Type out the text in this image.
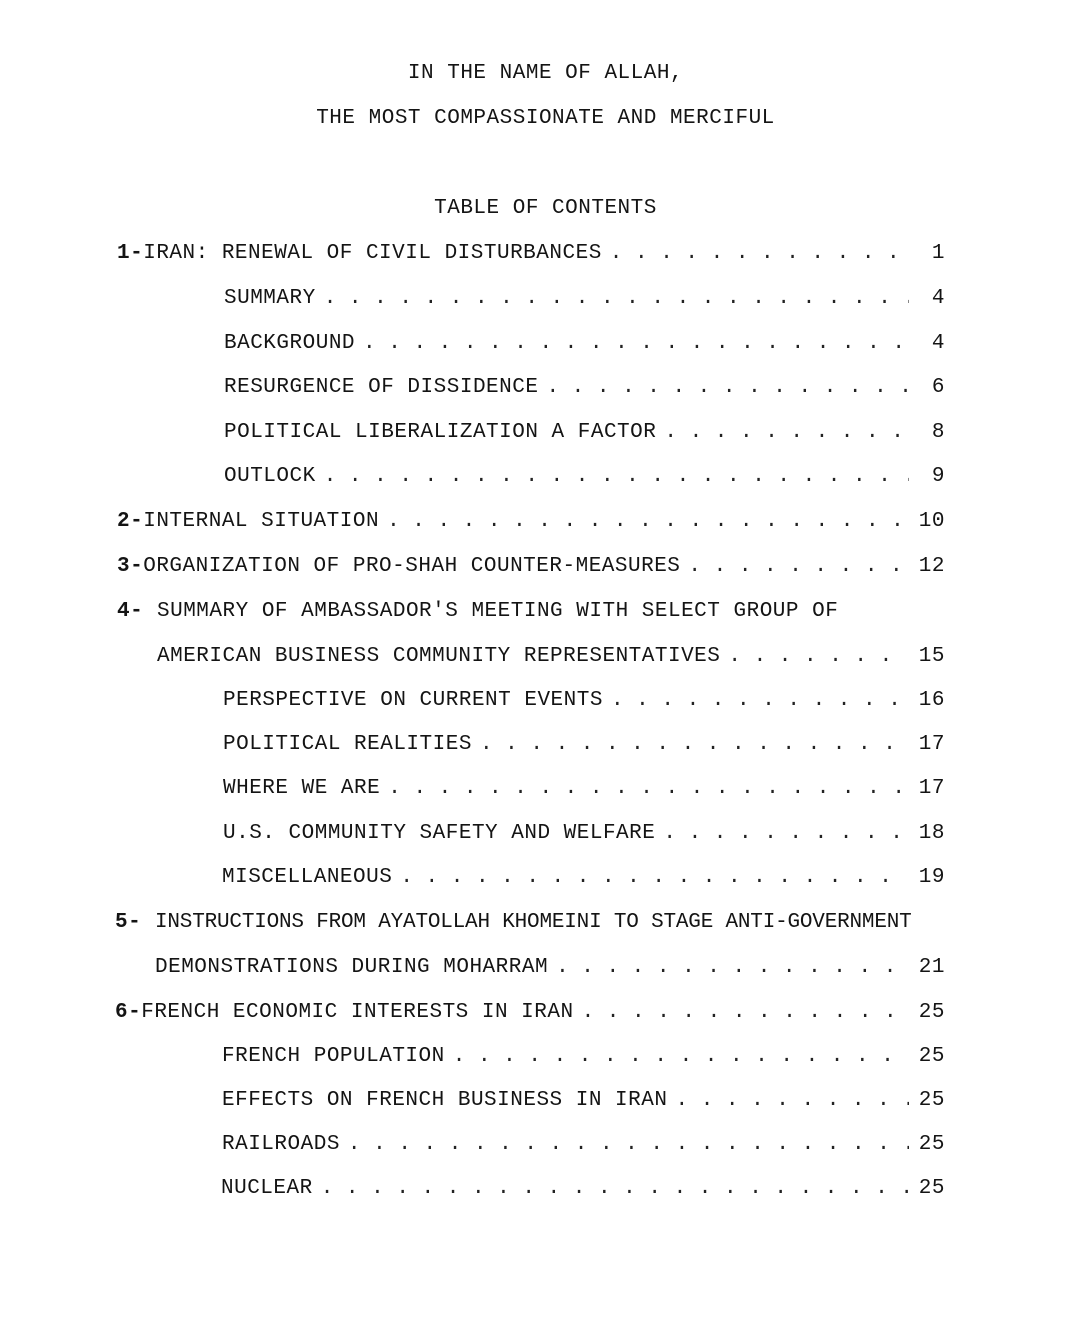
IN THE NAME OF ALLAH,
THE MOST COMPASSIONATE AND MERCIFUL
TABLE OF CONTENTS
1- IRAN: RENEWAL OF CIVIL DISTURBANCES . . .	1
SUMMARY . . .	4
BACKGROUND . . .	4
RESURGENCE OF DISSIDENCE . . .	6
POLITICAL LIBERALIZATION A FACTOR . . .	8
OUTLOCK . . .	9
2- INTERNAL SITUATION . . .	10
3- ORGANIZATION OF PRO-SHAH COUNTER-MEASURES . . .	12
4- SUMMARY OF AMBASSADOR'S MEETING WITH SELECT GROUP OF
AMERICAN BUSINESS COMMUNITY REPRESENTATIVES . . .	15
PERSPECTIVE ON CURRENT EVENTS . . .	16
POLITICAL REALITIES . . .	17
WHERE WE ARE . . .	17
U.S. COMMUNITY SAFETY AND WELFARE . . .	18
MISCELLANEOUS . . .	19
5- INSTRUCTIONS FROM AYATOLLAH KHOMEINI TO STAGE ANTI-GOVERNMENT
DEMONSTRATIONS DURING MOHARRAM . . .	21
6- FRENCH ECONOMIC INTERESTS IN IRAN . . .	25
FRENCH POPULATION . . .	25
EFFECTS ON FRENCH BUSINESS IN IRAN . . .	25
RAILROADS . . .	25
NUCLEAR . . .	25
